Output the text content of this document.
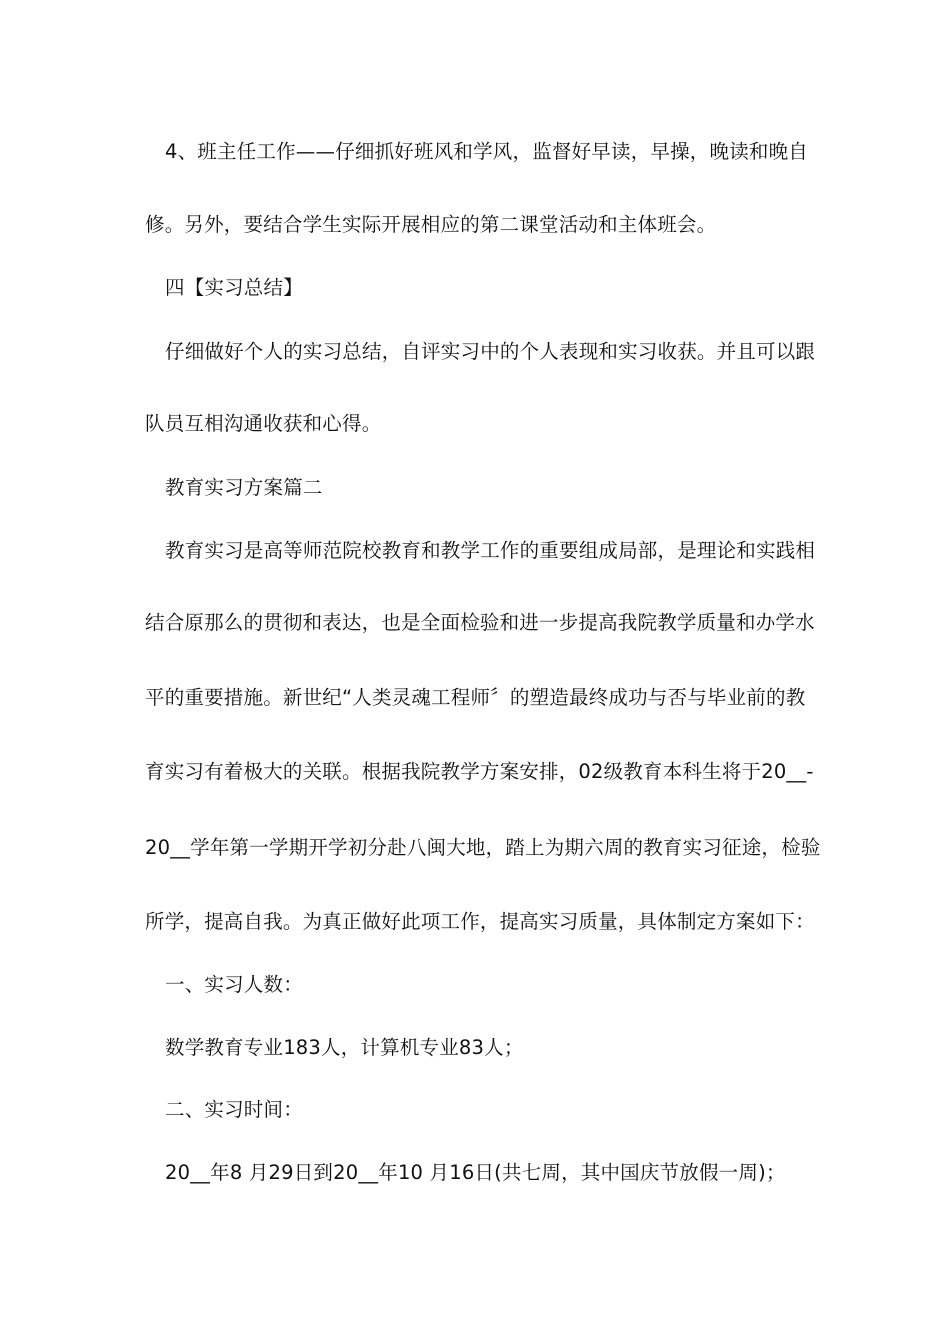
4、班主任工作——仔细抓好班风和学风，监督好早读，早操，晚读和晚自
修。另外，要结合学生实际开展相应的第二课堂活动和主体班会。
四【实习总结】
仔细做好个人的实习总结，自评实习中的个人表现和实习收获。并且可以跟
队员互相沟通收获和心得。
教育实习方案篇二
教育实习是高等师范院校教育和教学工作的重要组成局部，是理论和实践相
结合原那么的贯彻和表达，也是全面检验和进一步提高我院教学质量和办学水
平的重要措施。新世纪“人类灵魂工程师〞的塑造最终成功与否与毕业前的教
育实习有着极大的关联。根据我院教学方案安排，02级教育本科生将于20__-
20__学年第一学期开学初分赴八闽大地，踏上为期六周的教育实习征途，检验
所学，提高自我。为真正做好此项工作，提高实习质量，具体制定方案如下：
一、实习人数：
数学教育专业183人，计算机专业83人；
二、实习时间：
20__年8 月29日到20__年10 月16日(共七周，其中国庆节放假一周)；
